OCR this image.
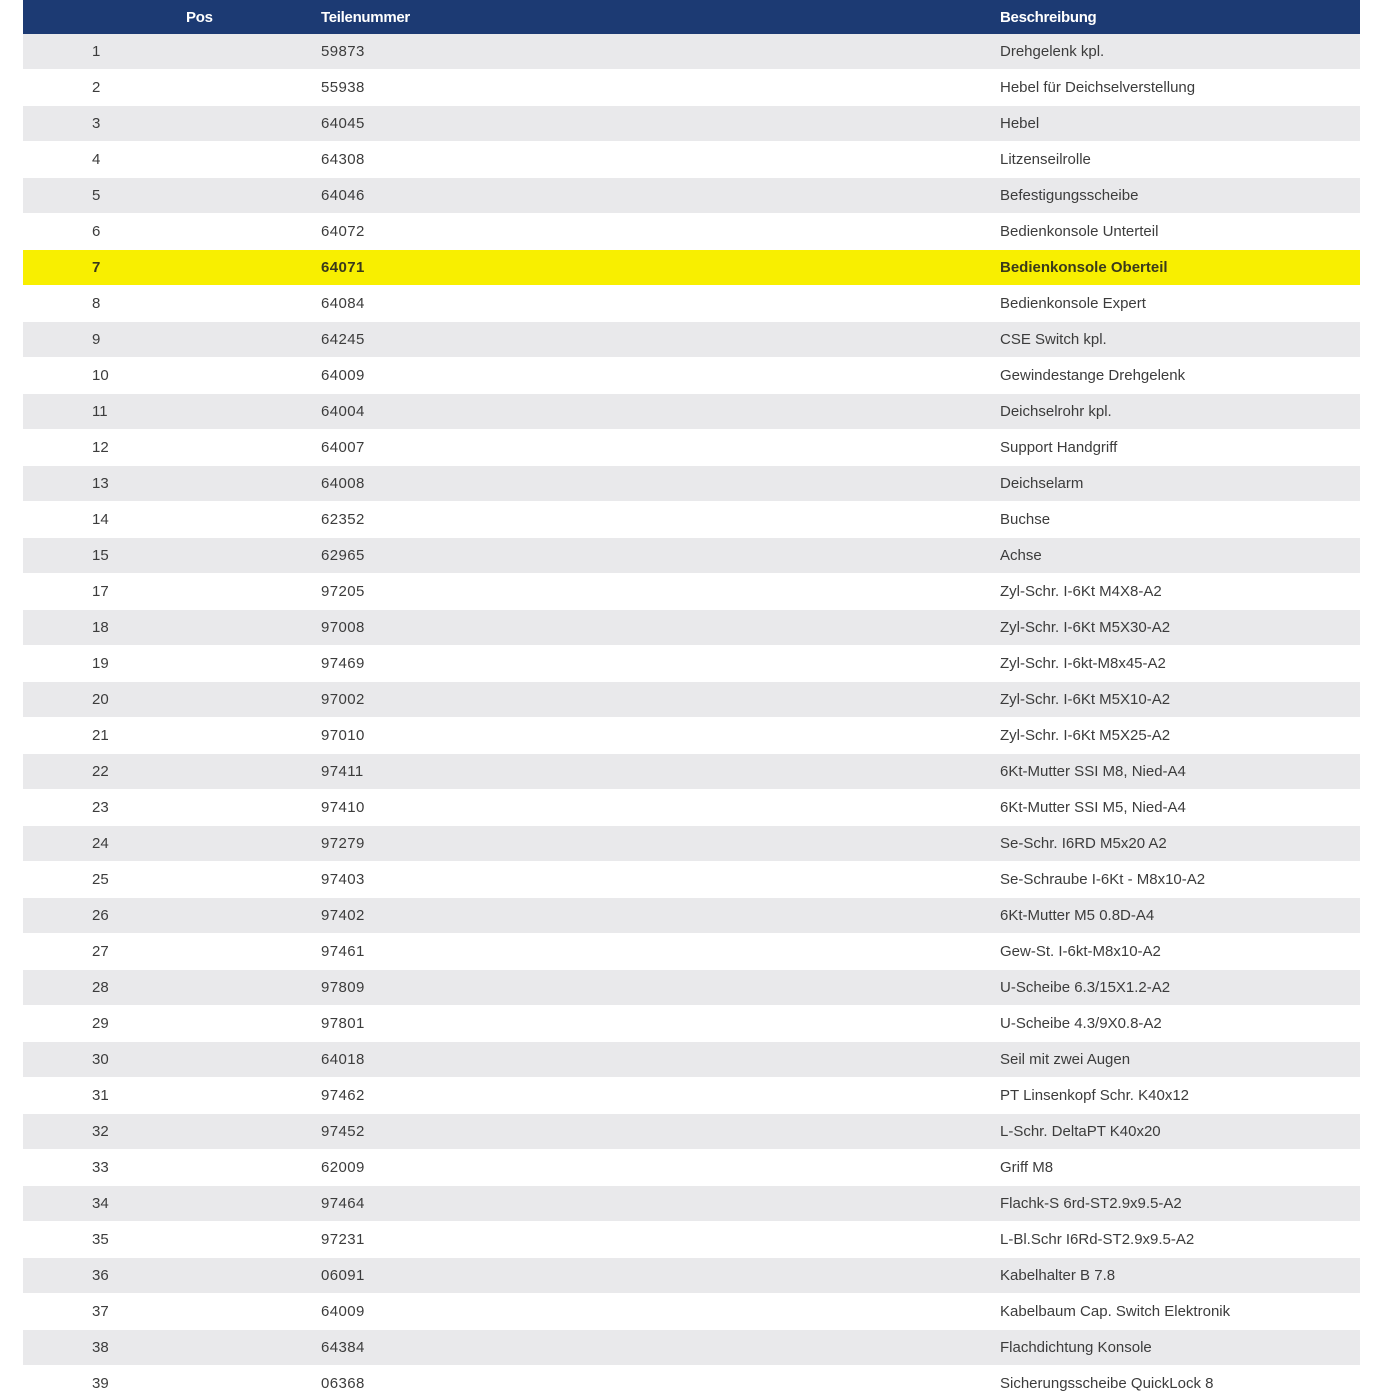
Pos	Teilenummer	Beschreibung
1	59873	Drehgelenk kpl.
2	55938	Hebel für Deichselverstellung
3	64045	Hebel
4	64308	Litzenseilrolle
5	64046	Befestigungsscheibe
6	64072	Bedienkonsole Unterteil
7	64071	Bedienkonsole Oberteil
8	64084	Bedienkonsole Expert
9	64245	CSE Switch kpl.
10	64009	Gewindestange Drehgelenk
11	64004	Deichselrohr kpl.
12	64007	Support Handgriff
13	64008	Deichselarm
14	62352	Buchse
15	62965	Achse
17	97205	Zyl-Schr. I-6Kt M4X8-A2
18	97008	Zyl-Schr. I-6Kt M5X30-A2
19	97469	Zyl-Schr. I-6kt-M8x45-A2
20	97002	Zyl-Schr. I-6Kt M5X10-A2
21	97010	Zyl-Schr. I-6Kt M5X25-A2
22	97411	6Kt-Mutter SSI M8, Nied-A4
23	97410	6Kt-Mutter SSI M5, Nied-A4
24	97279	Se-Schr. I6RD M5x20 A2
25	97403	Se-Schraube I-6Kt - M8x10-A2
26	97402	6Kt-Mutter M5 0.8D-A4
27	97461	Gew-St. I-6kt-M8x10-A2
28	97809	U-Scheibe 6.3/15X1.2-A2
29	97801	U-Scheibe 4.3/9X0.8-A2
30	64018	Seil mit zwei Augen
31	97462	PT Linsenkopf Schr. K40x12
32	97452	L-Schr. DeltaPT K40x20
33	62009	Griff M8
34	97464	Flachk-S 6rd-ST2.9x9.5-A2
35	97231	L-Bl.Schr I6Rd-ST2.9x9.5-A2
36	06091	Kabelhalter B 7.8
37	64009	Kabelbaum Cap. Switch Elektronik
38	64384	Flachdichtung Konsole
39	06368	Sicherungsscheibe QuickLock 8
